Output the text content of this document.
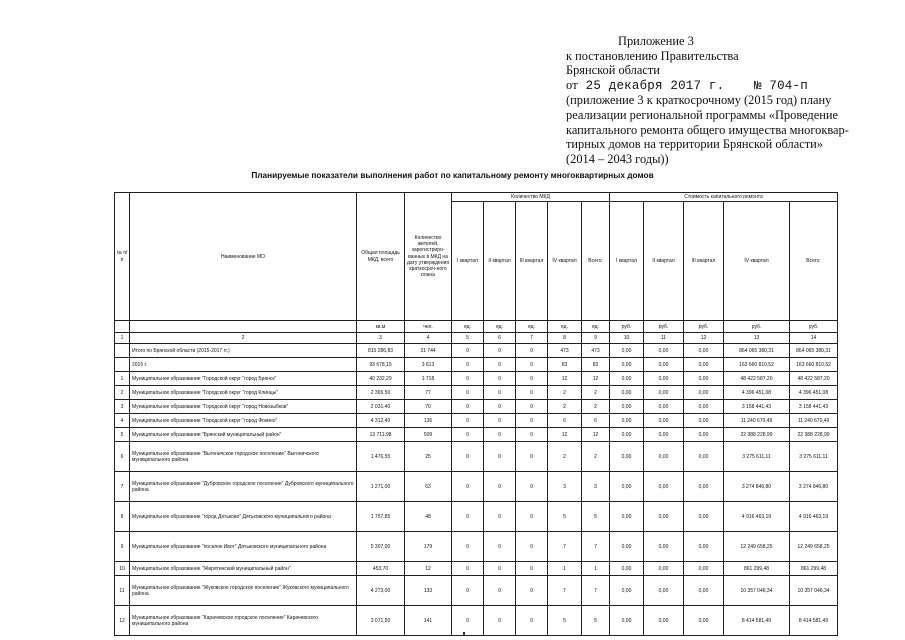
Приложение 3
к постановлению Правительства
Брянской области
от 25 декабря 2017 г. № 704-п
(приложение 3 к краткосрочному (2015 год) плану
реализации региональной программы «Проведение
капитального ремонта общего имущества многоквар-
тирных домов на территории Брянской области»
(2014 – 2043 годы))
Планируемые показатели выполнения работ по капитальному ремонту многоквартирных домов
№ п/п	Наименование МО	Общая площадь МКД, всего	Количество жителей, зарегистриро-ванных в МКД на дату утверждения краткосроч-ного плана	Количество МКД					Стоимость капитального ремонта				
				I квартал	II квартал	III квартал	IV квартал	Всего:	I квартал	II квартал	III квартал	IV квартал	Всего:
		кв.м	чел.	ед.	ед.	ед.	ед.	ед.	руб.	руб.	руб.	руб.	руб.
1	2	3	4	5	6	7	8	9	10	11	12	13	14
	Итого по Брянской области (2015-2017 гг.)	815 286,83	31 744	0	0	0	473	473	0,00	0,00	0,00	864 065 380,31	864 065 380,31
	2015 г.	93 678,15	3 613	0	0	0	83	83	0,00	0,00	0,00	163 660 810,52	163 660 810,52
1	Муниципальное образование "Городской округ "город Брянск"	40 232,29	1 718	0	0	0	12	12	0,00	0,00	0,00	48 422 587,20	48 422 587,20
2	Муниципальное образование "Городской округ "город Клинцы"	2 365,50	77	0	0	0	2	2	0,00	0,00	0,00	4 396 451,08	4 396 451,08
3	Муниципальное образование "Городской округ "город Новозыбков"	2 031,40	70	0	0	0	2	2	0,00	0,00	0,00	3 158 441,43	3 158 441,43
4	Муниципальное образование "Городской округ "город Фокино"	4 312,40	136	0	0	0	6	6	0,00	0,00	0,00	11 240 670,49	11 240 670,49
5	Муниципальное образование "Брянский муниципальный район"	13 711,98	509	0	0	0	12	12	0,00	0,00	0,00	22 388 228,99	22 388 228,99
6	Муниципальное образование "Выгоничское городское поселение" Выгоничского муниципального района	1 476,55	25	0	0	0	2	2	0,00	0,00	0,00	3 275 611,11	3 275 611,11
7	Муниципальное образование "Дубровское городское поселение" Дубровского муниципального района	1 271,00	63	0	0	0	3	3	0,00	0,00	0,00	3 274 846,80	3 274 846,80
8	Муниципальное образование "город Дятьково" Дятьковского муниципального района	1 757,85	48	0	0	0	5	5	0,00	0,00	0,00	4 916 463,19	4 916 463,19
9	Муниципальное образование "поселок Ивот" Дятьковского муниципального района	5 307,00	179	0	0	0	7	7	0,00	0,00	0,00	12 249 658,25	12 249 658,25
10	Муниципальное образование "Жирятинский муниципальный район"	453,70	12	0	0	0	1	1	0,00	0,00	0,00	861 299,48	861 299,48
11	Муниципальное образование "Жуковское городское поселение" Жуковского муниципального района	4 273,00	133	0	0	0	7	7	0,00	0,00	0,00	10 357 046,34	10 357 046,34
12	Муниципальное образование "Карачевское городское поселение" Карачевского муниципального района	3 071,50	141	0	0	0	5	5	0,00	0,00	0,00	8 414 581,49	8 414 581,49
